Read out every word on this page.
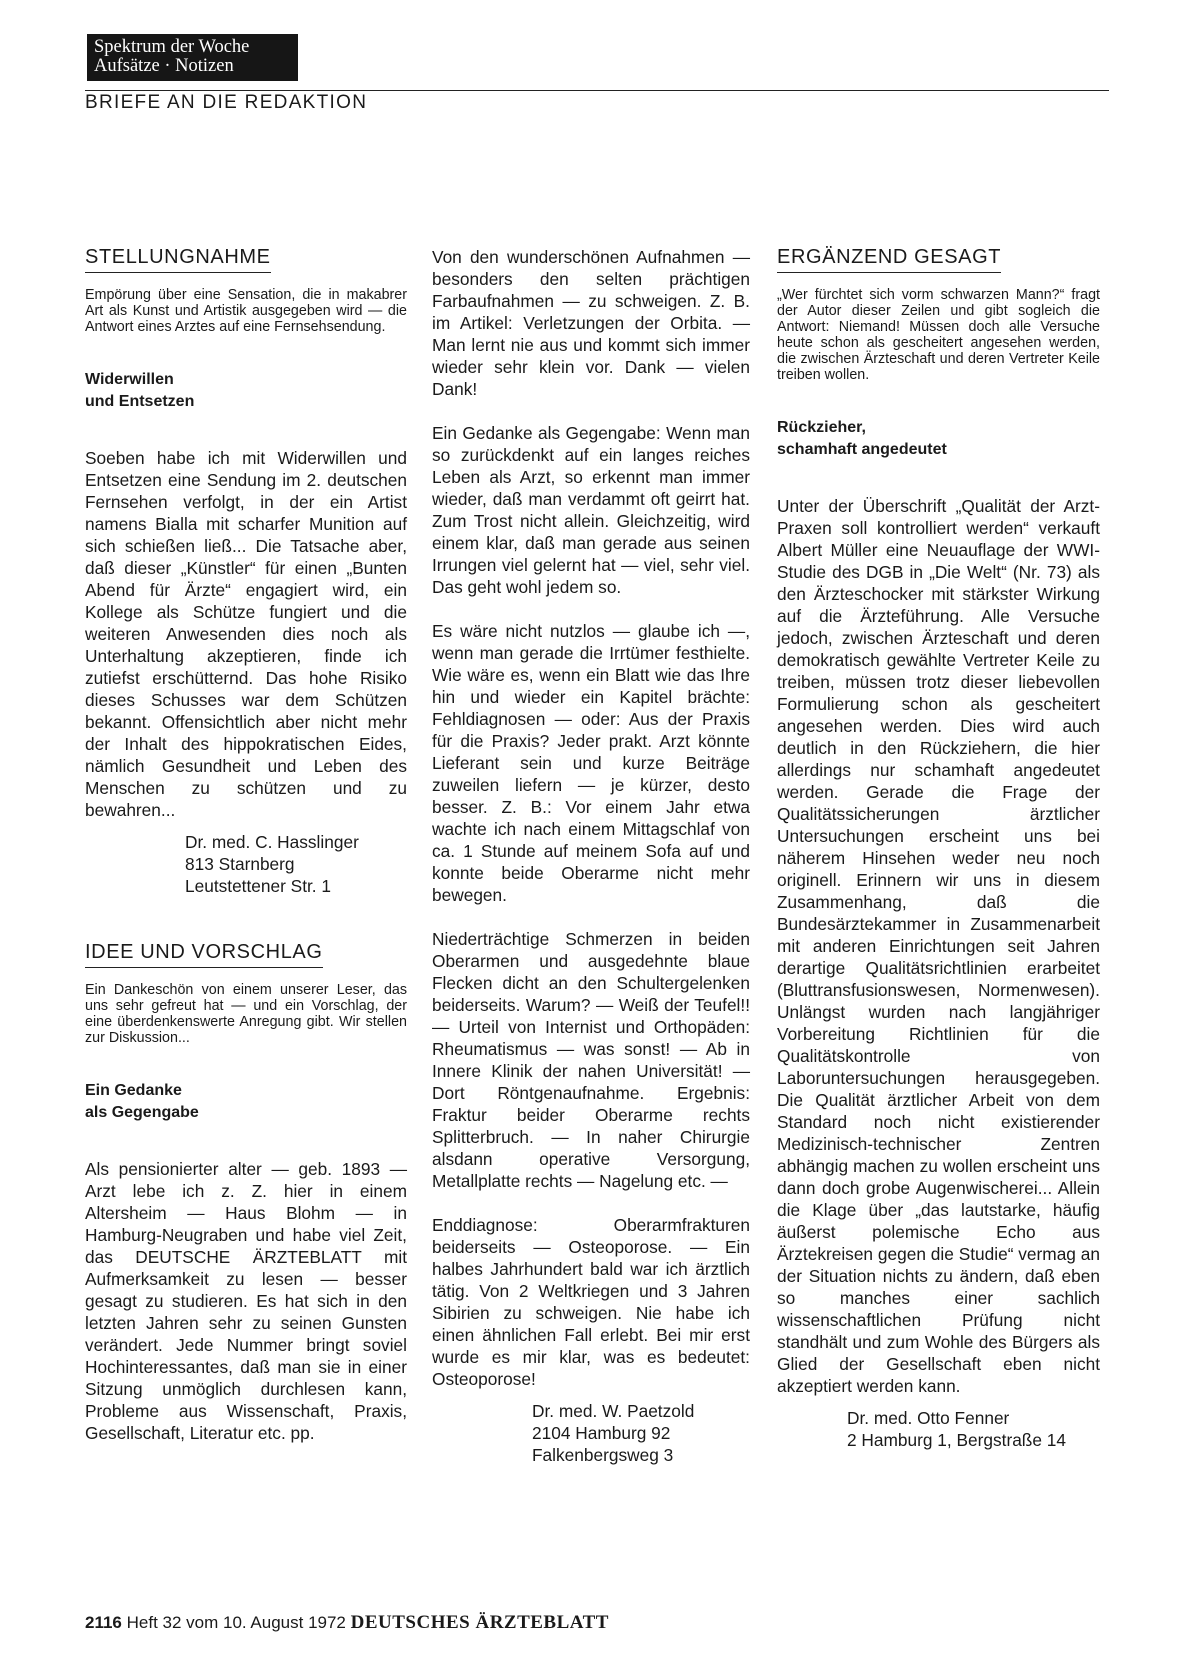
Spektrum der Woche
Aufsätze · Notizen
BRIEFE AN DIE REDAKTION
STELLUNGNAHME

Empörung über eine Sensation, die in makabrer Art als Kunst und Artistik ausgegeben wird — die Antwort eines Arztes auf eine Fernsehsendung.

Widerwillen
und Entsetzen

Soeben habe ich mit Widerwillen und Entsetzen eine Sendung im 2. deutschen Fernsehen verfolgt, in der ein Artist namens Bialla mit scharfer Munition auf sich schießen ließ... Die Tatsache aber, daß dieser „Künstler“ für einen „Bunten Abend für Ärzte“ engagiert wird, ein Kollege als Schütze fungiert und die weiteren Anwesenden dies noch als Unterhaltung akzeptieren, finde ich zutiefst erschütternd. Das hohe Risiko dieses Schusses war dem Schützen bekannt. Offensichtlich aber nicht mehr der Inhalt des hippokratischen Eides, nämlich Gesundheit und Leben des Menschen zu schützen und zu bewahren...

Dr. med. C. Hasslinger
813 Starnberg
Leutstettener Str. 1
IDEE UND VORSCHLAG

Ein Dankeschön von einem unserer Leser, das uns sehr gefreut hat — und ein Vorschlag, der eine überdenkenswerte Anregung gibt. Wir stellen zur Diskussion...

Ein Gedanke
als Gegengabe

Als pensionierter alter — geb. 1893 — Arzt lebe ich z. Z. hier in einem Altersheim — Haus Blohm — in Hamburg-Neugraben und habe viel Zeit, das DEUTSCHE ÄRZTEBLATT mit Aufmerksamkeit zu lesen — besser gesagt zu studieren. Es hat sich in den letzten Jahren sehr zu seinen Gunsten verändert. Jede Nummer bringt soviel Hochinteressantes, daß man sie in einer Sitzung unmöglich durchlesen kann, Probleme aus Wissenschaft, Praxis, Gesellschaft, Literatur etc. pp.

Von den wunderschönen Aufnahmen — besonders den selten prächtigen Farbaufnahmen — zu schweigen. Z. B. im Artikel: Verletzungen der Orbita. — Man lernt nie aus und kommt sich immer wieder sehr klein vor. Dank — vielen Dank!

Ein Gedanke als Gegengabe: Wenn man so zurückdenkt auf ein langes reiches Leben als Arzt, so erkennt man immer wieder, daß man verdammt oft geirrt hat. Zum Trost nicht allein. Gleichzeitig, wird einem klar, daß man gerade aus seinen Irrungen viel gelernt hat — viel, sehr viel. Das geht wohl jedem so.

Es wäre nicht nutzlos — glaube ich —, wenn man gerade die Irrtümer festhielte. Wie wäre es, wenn ein Blatt wie das Ihre hin und wieder ein Kapitel brächte: Fehldiagnosen — oder: Aus der Praxis für die Praxis? Jeder prakt. Arzt könnte Lieferant sein und kurze Beiträge zuweilen liefern — je kürzer, desto besser. Z. B.: Vor einem Jahr etwa wachte ich nach einem Mittagschlaf von ca. 1 Stunde auf meinem Sofa auf und konnte beide Oberarme nicht mehr bewegen.

Niederträchtige Schmerzen in beiden Oberarmen und ausgedehnte blaue Flecken dicht an den Schultergelenken beiderseits. Warum? — Weiß der Teufel!! — Urteil von Internist und Orthopäden: Rheumatismus — was sonst! — Ab in Innere Klinik der nahen Universität! — Dort Röntgenaufnahme. Ergebnis: Fraktur beider Oberarme rechts Splitterbruch. — In naher Chirurgie alsdann operative Versorgung, Metallplatte rechts — Nagelung etc. —

Enddiagnose: Oberarmfrakturen beiderseits — Osteoporose. — Ein halbes Jahrhundert bald war ich ärztlich tätig. Von 2 Weltkriegen und 3 Jahren Sibirien zu schweigen. Nie habe ich einen ähnlichen Fall erlebt. Bei mir erst wurde es mir klar, was es bedeutet: Osteoporose!

Dr. med. W. Paetzold
2104 Hamburg 92
Falkenbergsweg 3
ERGÄNZEND GESAGT

„Wer fürchtet sich vorm schwarzen Mann?“ fragt der Autor dieser Zeilen und gibt sogleich die Antwort: Niemand! Müssen doch alle Versuche heute schon als gescheitert angesehen werden, die zwischen Ärzteschaft und deren Vertreter Keile treiben wollen.

Rückzieher,
schamhaft angedeutet

Unter der Überschrift „Qualität der Arzt-Praxen soll kontrolliert werden“ verkauft Albert Müller eine Neuauflage der WWI-Studie des DGB in „Die Welt“ (Nr. 73) als den Ärzteschocker mit stärkster Wirkung auf die Ärzteführung. Alle Versuche jedoch, zwischen Ärzteschaft und deren demokratisch gewählte Vertreter Keile zu treiben, müssen trotz dieser liebevollen Formulierung schon als gescheitert angesehen werden. Dies wird auch deutlich in den Rückziehern, die hier allerdings nur schamhaft angedeutet werden. Gerade die Frage der Qualitätssicherungen ärztlicher Untersuchungen erscheint uns bei näherem Hinsehen weder neu noch originell. Erinnern wir uns in diesem Zusammenhang, daß die Bundesärztekammer in Zusammenarbeit mit anderen Einrichtungen seit Jahren derartige Qualitätsrichtlinien erarbeitet (Bluttransfusionswesen, Normenwesen). Unlängst wurden nach langjähriger Vorbereitung Richtlinien für die Qualitätskontrolle von Laboruntersuchungen herausgegeben. Die Qualität ärztlicher Arbeit von dem Standard noch nicht existierender Medizinisch-technischer Zentren abhängig machen zu wollen erscheint uns dann doch grobe Augenwischerei... Allein die Klage über „das lautstarke, häufig äußerst polemische Echo aus Ärztekreisen gegen die Studie“ vermag an der Situation nichts zu ändern, daß eben so manches einer sachlich wissenschaftlichen Prüfung nicht standhält und zum Wohle des Bürgers als Glied der Gesellschaft eben nicht akzeptiert werden kann.

Dr. med. Otto Fenner
2 Hamburg 1, Bergstraße 14
2116 Heft 32 vom 10. August 1972 DEUTSCHES ÄRZTEBLATT
